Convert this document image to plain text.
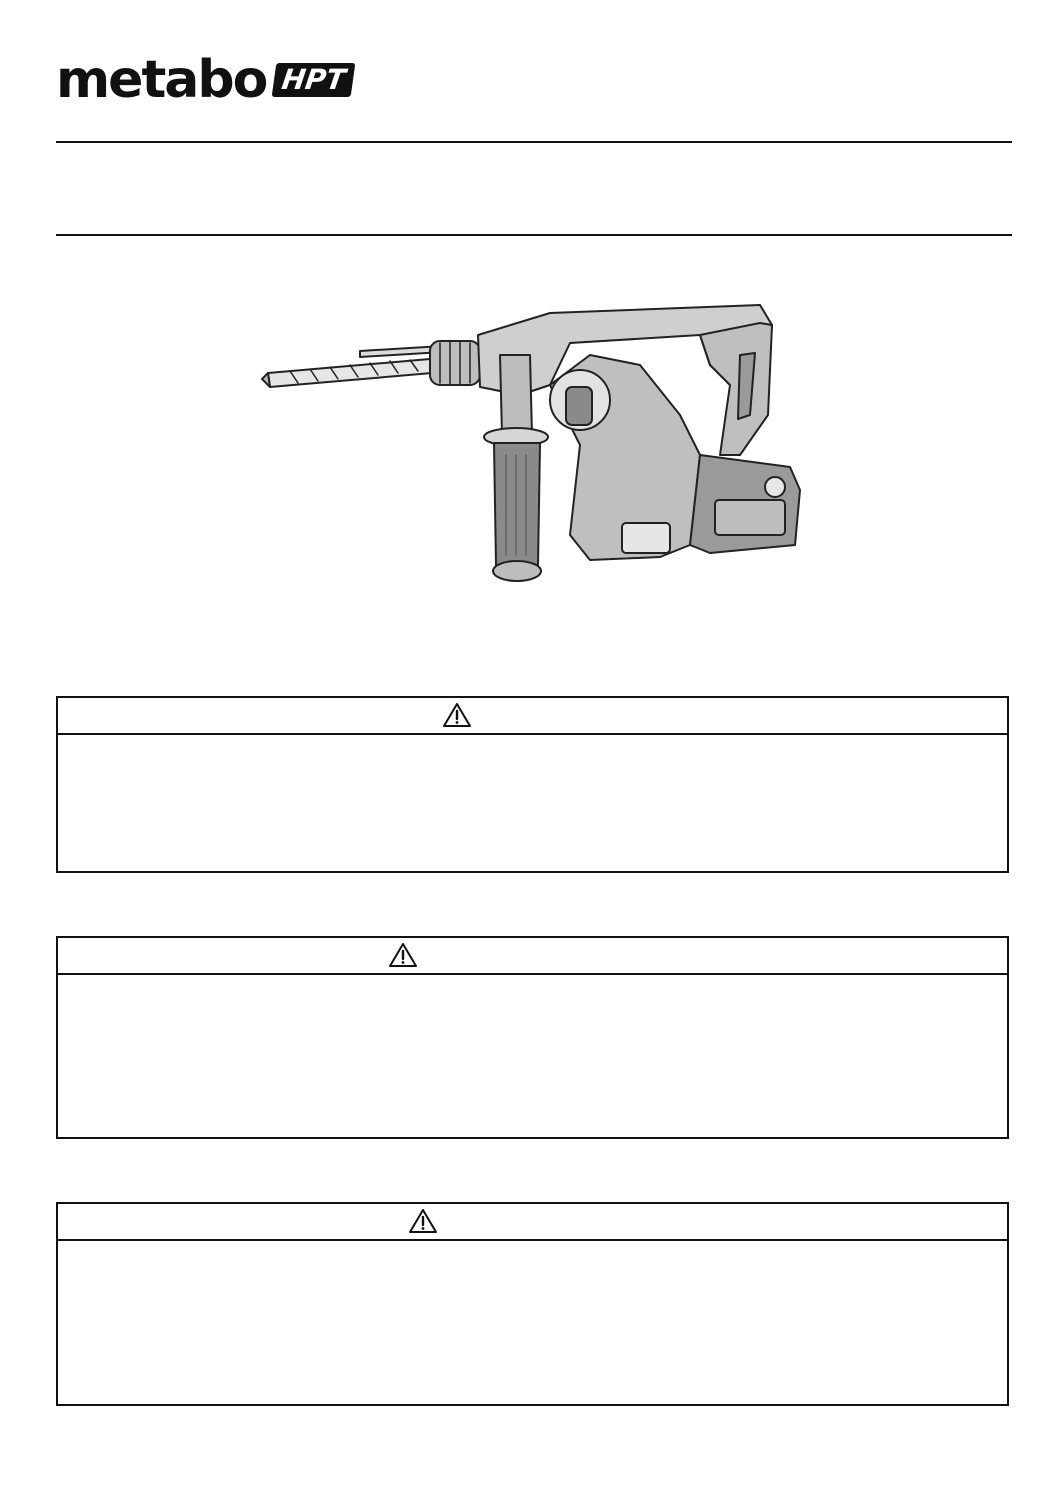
metabo HPT
